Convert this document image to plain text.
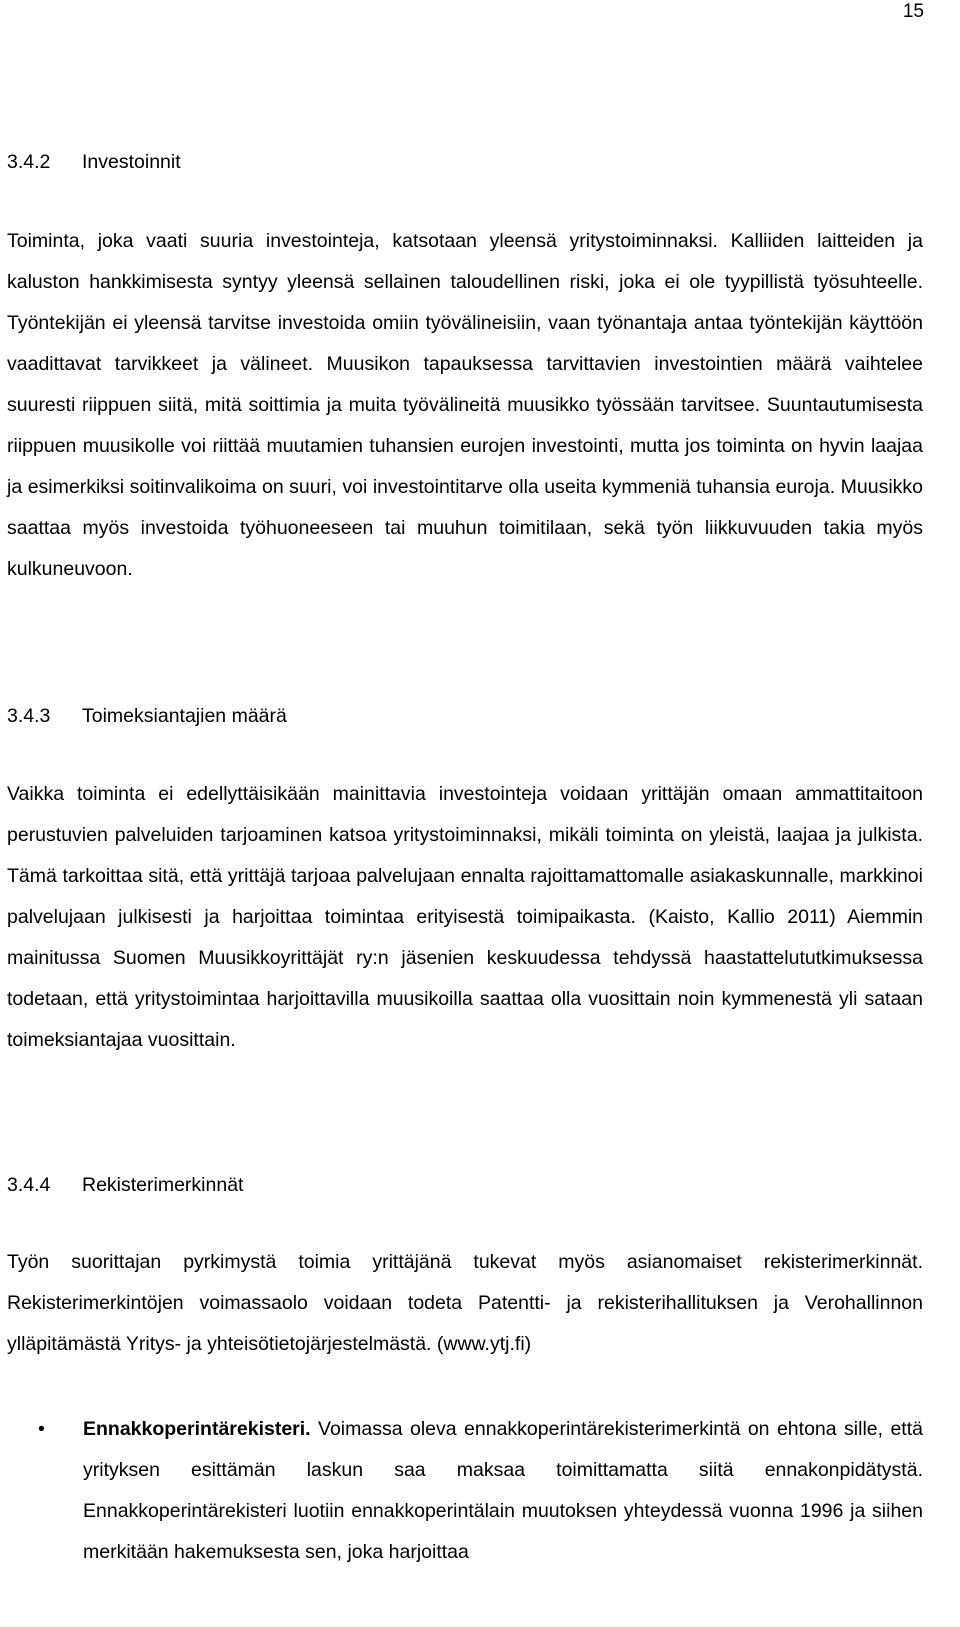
15
3.4.2 Investoinnit

Toiminta, joka vaati suuria investointeja, katsotaan yleensä yritystoiminnaksi. Kalliiden laitteiden ja kaluston hankkimisesta syntyy yleensä sellainen taloudellinen riski, joka ei ole tyypillistä työsuhteelle. Työntekijän ei yleensä tarvitse investoida omiin työvälineisiin, vaan työnantaja antaa työntekijän käyttöön vaadittavat tarvikkeet ja välineet. Muusikon tapauksessa tarvittavien investointien määrä vaihtelee suuresti riippuen siitä, mitä soittimia ja muita työvälineitä muusikko työssään tarvitsee. Suuntautumisesta riippuen muusikolle voi riittää muutamien tuhansien eurojen investointi, mutta jos toiminta on hyvin laajaa ja esimerkiksi soitinvalikoima on suuri, voi investointitarve olla useita kymmeniä tuhansia euroja. Muusikko saattaa myös investoida työhuoneeseen tai muuhun toimitilaan, sekä työn liikkuvuuden takia myös kulkuneuvoon.

3.4.3 Toimeksiantajien määrä

Vaikka toiminta ei edellyttäisikään mainittavia investointeja voidaan yrittäjän omaan ammattitaitoon perustuvien palveluiden tarjoaminen katsoa yritystoiminnaksi, mikäli toiminta on yleistä, laajaa ja julkista. Tämä tarkoittaa sitä, että yrittäjä tarjoaa palvelujaan ennalta rajoittamattomalle asiakaskunnalle, markkinoi palvelujaan julkisesti ja harjoittaa toimintaa erityisestä toimipaikasta. (Kaisto, Kallio 2011) Aiemmin mainitussa Suomen Muusikkoyrittäjät ry:n jäsenien keskuudessa tehdyssä haastattelututkimuksessa todetaan, että yritystoimintaa harjoittavilla muusikoilla saattaa olla vuosittain noin kymmenestä yli sataan toimeksiantajaa vuosittain.

3.4.4 Rekisterimerkinnät

Työn suorittajan pyrkimystä toimia yrittäjänä tukevat myös asianomaiset rekisterimerkinnät. Rekisterimerkintöjen voimassaolo voidaan todeta Patentti- ja rekisterihallituksen ja Verohallinnon ylläpitämästä Yritys- ja yhteisötietojärjestelmästä. (www.ytj.fi)

• Ennakkoperintärekisteri. Voimassa oleva ennakkoperintärekisterimerkintä on ehtona sille, että yrityksen esittämän laskun saa maksaa toimittamatta siitä ennakonpidätystä. Ennakkoperintärekisteri luotiin ennakkoperintälain muutoksen yhteydessä vuonna 1996 ja siihen merkitään hakemuksesta sen, joka harjoittaa
